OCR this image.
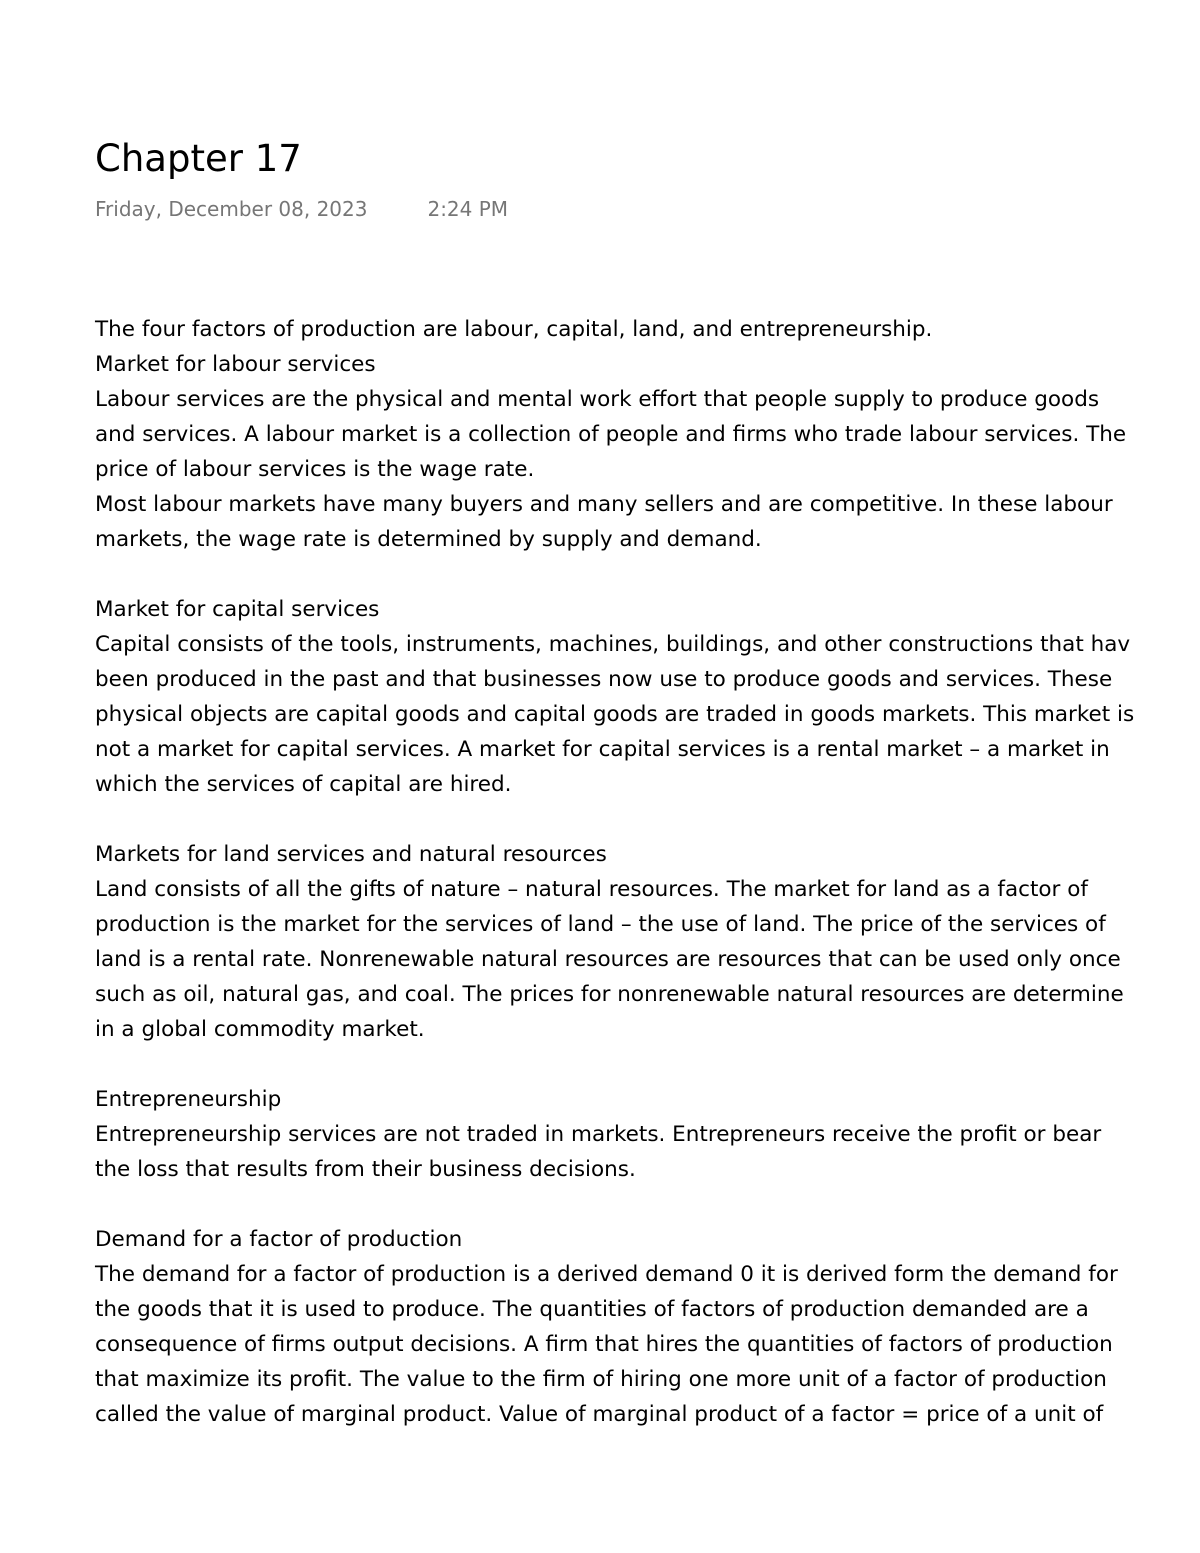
Chapter 17
Friday, December 08, 2023	2:24 PM
The four factors of production are labour, capital, land, and entrepreneurship.
Market for labour services
Labour services are the physical and mental work effort that people supply to produce goods
and services. A labour market is a collection of people and firms who trade labour services. The
price of labour services is the wage rate.
Most labour markets have many buyers and many sellers and are competitive. In these labour
markets, the wage rate is determined by supply and demand.
Market for capital services
Capital consists of the tools, instruments, machines, buildings, and other constructions that hav
been produced in the past and that businesses now use to produce goods and services. These
physical objects are capital goods and capital goods are traded in goods markets. This market is
not a market for capital services. A market for capital services is a rental market – a market in
which the services of capital are hired.
Markets for land services and natural resources
Land consists of all the gifts of nature – natural resources. The market for land as a factor of
production is the market for the services of land – the use of land. The price of the services of
land is a rental rate. Nonrenewable natural resources are resources that can be used only once
such as oil, natural gas, and coal. The prices for nonrenewable natural resources are determine
in a global commodity market.
Entrepreneurship
Entrepreneurship services are not traded in markets. Entrepreneurs receive the profit or bear
the loss that results from their business decisions.
Demand for a factor of production
The demand for a factor of production is a derived demand 0 it is derived form the demand for
the goods that it is used to produce. The quantities of factors of production demanded are a
consequence of firms output decisions. A firm that hires the quantities of factors of production
that maximize its profit. The value to the firm of hiring one more unit of a factor of production
called the value of marginal product. Value of marginal product of a factor = price of a unit of
